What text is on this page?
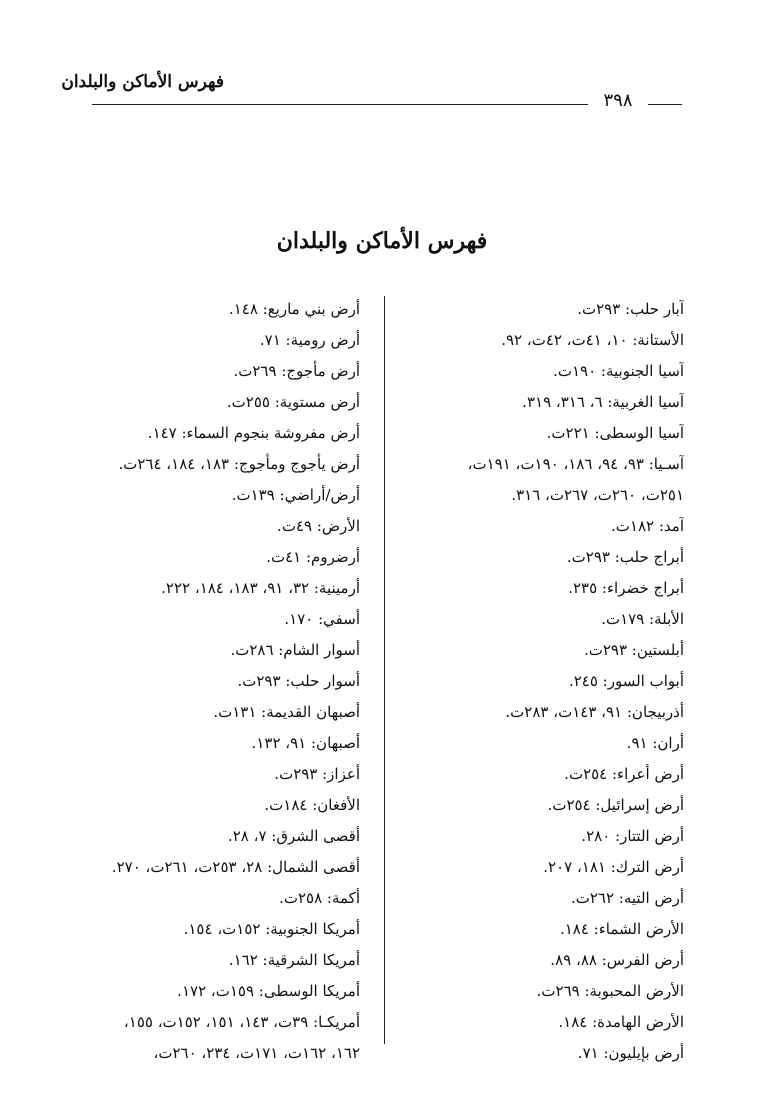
فهرس الأماكن والبلدان
٣٩٨
فهرس الأماكن والبلدان
آبار حلب: ٢٩٣ت.
الأستانة: ١٠، ٤١ت، ٤٢ت، ٩٢.
آسيا الجنوبية: ١٩٠ت.
آسيا الغربية: ٦، ٣١٦، ٣١٩.
آسيا الوسطى: ٢٢١ت.
آسـيا: ٩٣، ٩٤، ١٨٦، ١٩٠ت، ١٩١ت،
٢٥١ت، ٢٦٠ت، ٢٦٧ت، ٣١٦.
آمد: ١٨٢ت.
أبراج حلب: ٢٩٣ت.
أبراج خضراء: ٢٣٥.
الأبلة: ١٧٩ت.
أبلستين: ٢٩٣ت.
أبواب السور: ٢٤٥.
أذربيجان: ٩١، ١٤٣ت، ٢٨٣ت.
أران: ٩١.
أرض أعراء: ٢٥٤ت.
أرض إسرائيل: ٢٥٤ت.
أرض التتار: ٢٨٠.
أرض الترك: ١٨١، ٢٠٧.
أرض التيه: ٢٦٢ت.
الأرض الشماء: ١٨٤.
أرض الفرس: ٨٨، ٨٩.
الأرض المحبوبة: ٢٦٩ت.
الأرض الهامدة: ١٨٤.
أرض بإيليون: ٧١.
أرض بني ماريع: ١٤٨.
أرض رومية: ٧١.
أرض مأجوج: ٢٦٩ت.
أرض مستوية: ٢٥٥ت.
أرض مفروشة بنجوم السماء: ١٤٧.
أرض يأجوج ومأجوج: ١٨٣، ١٨٤، ٢٦٤ت.
أرض/أراضي: ١٣٩ت.
الأرض: ٤٩ت.
أرضروم: ٤١ت.
أرمينية: ٣٢، ٩١، ١٨٣، ١٨٤، ٢٢٢.
أسفي: ١٧٠.
أسوار الشام: ٢٨٦ت.
أسوار حلب: ٢٩٣ت.
أصبهان القديمة: ١٣١ت.
أصبهان: ٩١، ١٣٢.
أعزاز: ٢٩٣ت.
الأفغان: ١٨٤ت.
أقصى الشرق: ٧، ٢٨.
أقصى الشمال: ٢٨، ٢٥٣ت، ٢٦١ت، ٢٧٠.
أكمة: ٢٥٨ت.
أمريكا الجنوبية: ١٥٢ت، ١٥٤.
أمريكا الشرقية: ١٦٢.
أمريكا الوسطى: ١٥٩ت، ١٧٢.
أمريكـا: ٣٩ت، ١٤٣، ١٥١، ١٥٢ت، ١٥٥،
١٦٢، ١٦٢ت، ١٧١ت، ٢٣٤، ٢٦٠ت،
